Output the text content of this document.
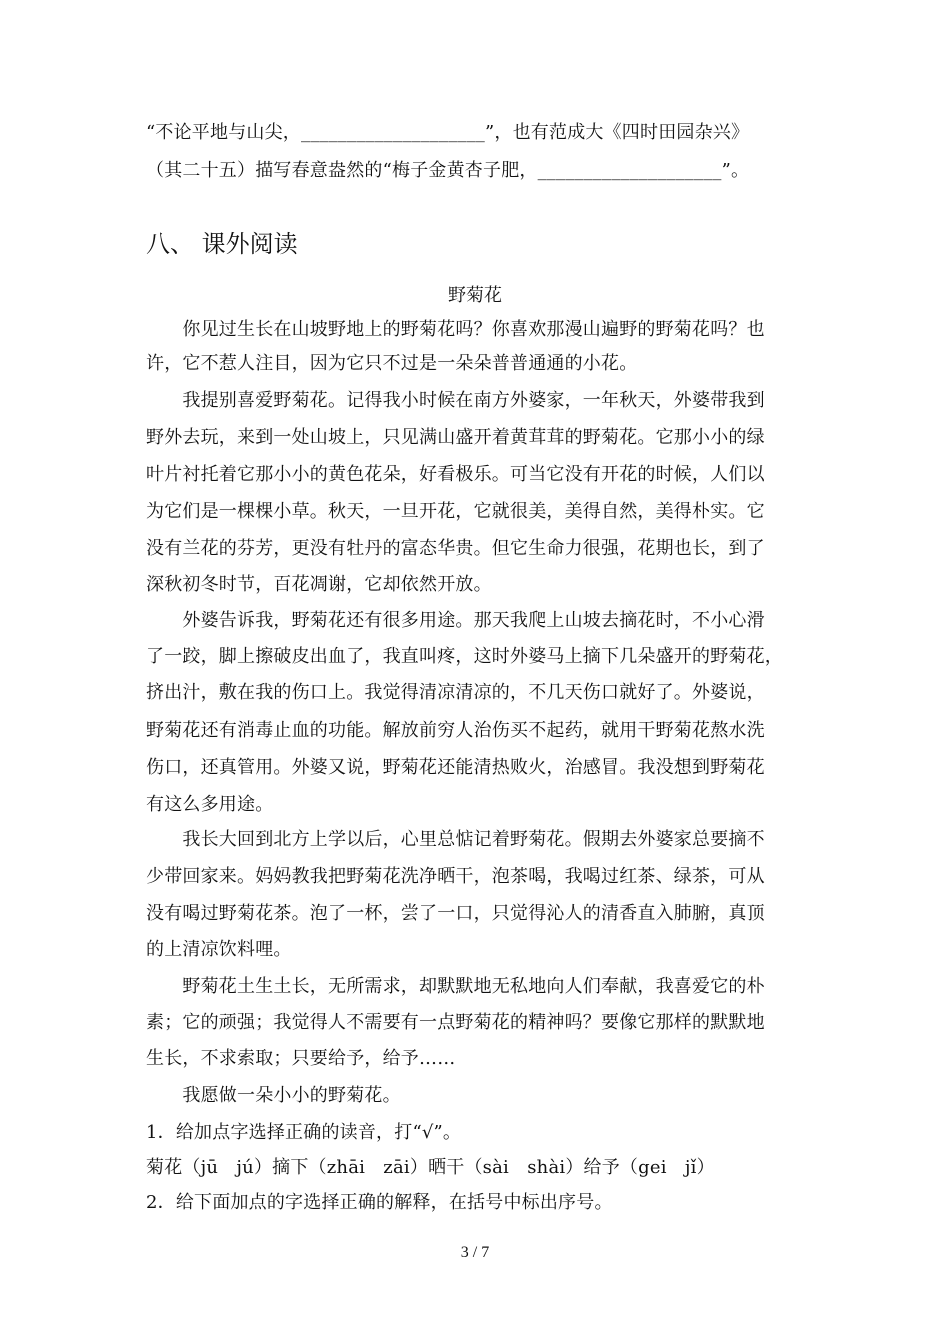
“不论平地与山尖，____________________”，也有范成大《四时田园杂兴》
（其二十五）描写春意盎然的“梅子金黄杏子肥，____________________”。
八、 课外阅读
野菊花
　　你见过生长在山坡野地上的野菊花吗？你喜欢那漫山遍野的野菊花吗？也
许，它不惹人注目，因为它只不过是一朵朵普普通通的小花。
　　我提别喜爱野菊花。记得我小时候在南方外婆家，一年秋天，外婆带我到
野外去玩，来到一处山坡上，只见满山盛开着黄茸茸的野菊花。它那小小的绿
叶片衬托着它那小小的黄色花朵，好看极乐。可当它没有开花的时候，人们以
为它们是一棵棵小草。秋天，一旦开花，它就很美，美得自然，美得朴实。它
没有兰花的芬芳，更没有牡丹的富态华贵。但它生命力很强，花期也长，到了
深秋初冬时节，百花凋谢，它却依然开放。
　　外婆告诉我，野菊花还有很多用途。那天我爬上山坡去摘花时，不小心滑
了一跤，脚上擦破皮出血了，我直叫疼，这时外婆马上摘下几朵盛开的野菊花，
挤出汁，敷在我的伤口上。我觉得清凉清凉的，不几天伤口就好了。外婆说，
野菊花还有消毒止血的功能。解放前穷人治伤买不起药，就用干野菊花熬水洗
伤口，还真管用。外婆又说，野菊花还能清热败火，治感冒。我没想到野菊花
有这么多用途。
　　我长大回到北方上学以后，心里总惦记着野菊花。假期去外婆家总要摘不
少带回家来。妈妈教我把野菊花洗净晒干，泡茶喝，我喝过红茶、绿茶，可从
没有喝过野菊花茶。泡了一杯，尝了一口，只觉得沁人的清香直入肺腑，真顶
的上清凉饮料哩。
　　野菊花土生土长，无所需求，却默默地无私地向人们奉献，我喜爱它的朴
素；它的顽强；我觉得人不需要有一点野菊花的精神吗？要像它那样的默默地
生长，不求索取；只要给予，给予……
　　我愿做一朵小小的野菊花。
1．给加点字选择正确的读音，打“√”。
菊花（jū　jú）摘下（zhāi　zāi）晒干（sài　shài）给予（gei　jǐ）
2．给下面加点的字选择正确的解释，在括号中标出序号。
3 / 7
